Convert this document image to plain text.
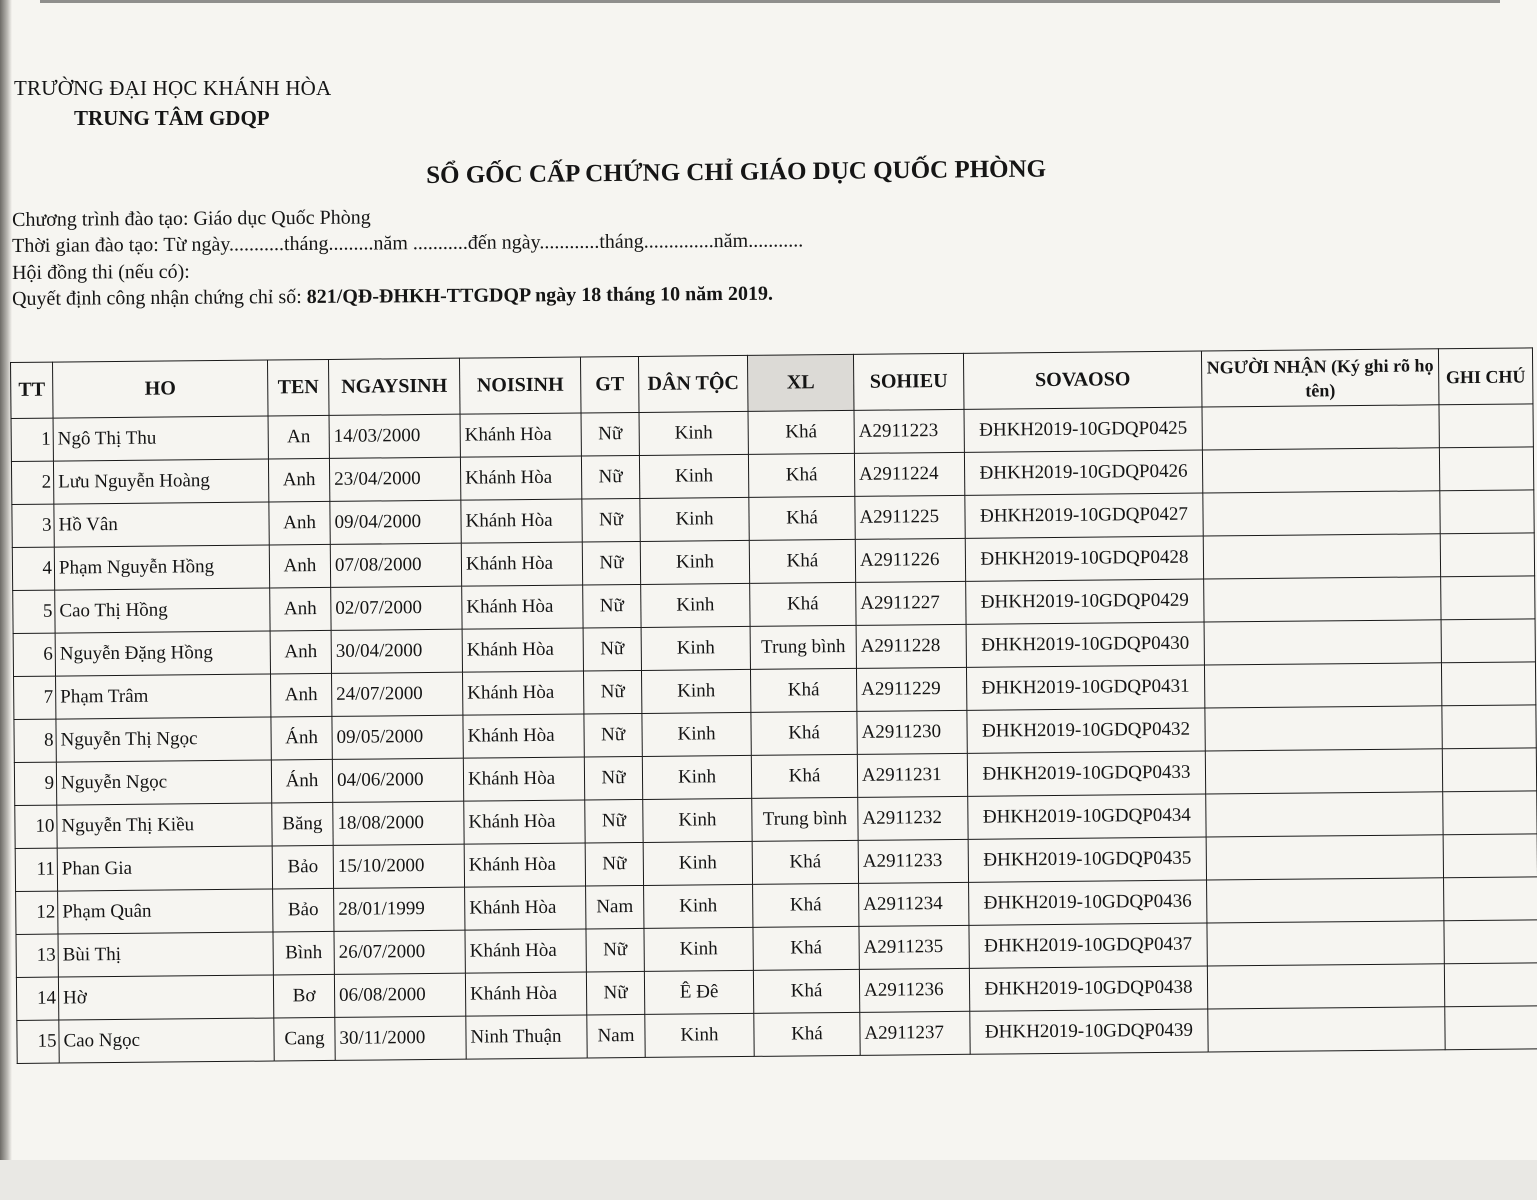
TRƯỜNG ĐẠI HỌC KHÁNH HÒA
TRUNG TÂM GDQP
SỔ GỐC CẤP CHỨNG CHỈ GIÁO DỤC QUỐC PHÒNG
Chương trình đào tạo: Giáo dục Quốc Phòng
Thời gian đào tạo: Từ ngày...........tháng.........năm ...........đến ngày............tháng..............năm...........
Hội đồng thi (nếu có):
Quyết định công nhận chứng chỉ số: 821/QĐ-ĐHKH-TTGDQP ngày 18 tháng 10 năm 2019.
TT	HO	TEN	NGAYSINH	NOISINH	GT	DÂN TỘC	XL	SOHIEU	SOVAOSO	NGƯỜI NHẬN (Ký ghi rõ họ tên)	GHI CHÚ
1	Ngô Thị Thu	An	14/03/2000	Khánh Hòa	Nữ	Kinh	Khá	A2911223	ĐHKH2019-10GDQP0425		
2	Lưu Nguyễn Hoàng	Anh	23/04/2000	Khánh Hòa	Nữ	Kinh	Khá	A2911224	ĐHKH2019-10GDQP0426		
3	Hồ Vân	Anh	09/04/2000	Khánh Hòa	Nữ	Kinh	Khá	A2911225	ĐHKH2019-10GDQP0427		
4	Phạm Nguyễn Hồng	Anh	07/08/2000	Khánh Hòa	Nữ	Kinh	Khá	A2911226	ĐHKH2019-10GDQP0428		
5	Cao Thị Hồng	Anh	02/07/2000	Khánh Hòa	Nữ	Kinh	Khá	A2911227	ĐHKH2019-10GDQP0429		
6	Nguyễn Đặng Hồng	Anh	30/04/2000	Khánh Hòa	Nữ	Kinh	Trung bình	A2911228	ĐHKH2019-10GDQP0430		
7	Phạm Trâm	Anh	24/07/2000	Khánh Hòa	Nữ	Kinh	Khá	A2911229	ĐHKH2019-10GDQP0431		
8	Nguyễn Thị Ngọc	Ánh	09/05/2000	Khánh Hòa	Nữ	Kinh	Khá	A2911230	ĐHKH2019-10GDQP0432		
9	Nguyễn Ngọc	Ánh	04/06/2000	Khánh Hòa	Nữ	Kinh	Khá	A2911231	ĐHKH2019-10GDQP0433		
10	Nguyễn Thị Kiều	Băng	18/08/2000	Khánh Hòa	Nữ	Kinh	Trung bình	A2911232	ĐHKH2019-10GDQP0434		
11	Phan Gia	Bảo	15/10/2000	Khánh Hòa	Nữ	Kinh	Khá	A2911233	ĐHKH2019-10GDQP0435		
12	Phạm Quân	Bảo	28/01/1999	Khánh Hòa	Nam	Kinh	Khá	A2911234	ĐHKH2019-10GDQP0436		
13	Bùi Thị	Bình	26/07/2000	Khánh Hòa	Nữ	Kinh	Khá	A2911235	ĐHKH2019-10GDQP0437		
14	Hờ	Bơ	06/08/2000	Khánh Hòa	Nữ	Ê Đê	Khá	A2911236	ĐHKH2019-10GDQP0438		
15	Cao Ngọc	Cang	30/11/2000	Ninh Thuận	Nam	Kinh	Khá	A2911237	ĐHKH2019-10GDQP0439		
